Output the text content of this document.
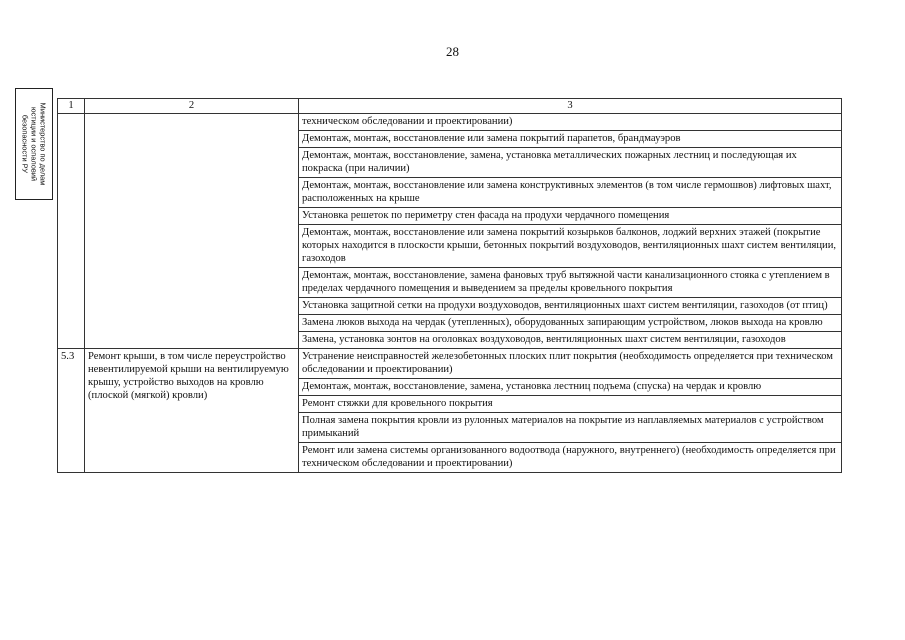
28
Министерство по делам юстиции и оспаловий безопасности РУ
1	2	3
		техническом обследовании и проектировании)
		Демонтаж, монтаж, восстановление или замена покрытий парапетов, брандмауэров
		Демонтаж, монтаж, восстановление, замена, установка металлических пожарных лестниц и последующая их покраска (при наличии)
		Демонтаж, монтаж, восстановление или замена конструктивных элементов (в том числе гермошвов) лифтовых шахт, расположенных на крыше
		Установка решеток по периметру стен фасада на продухи чердачного помещения
		Демонтаж, монтаж, восстановление или замена покрытий козырьков балконов, лоджий верхних этажей (покрытие которых находится в плоскости крыши, бетонных покрытий воздуховодов, вентиляционных шахт систем вентиляции, газоходов
		Демонтаж, монтаж, восстановление, замена фановых труб вытяжной части канализационного стояка с утеплением в пределах чердачного помещения и выведением за пределы кровельного покрытия
		Установка защитной сетки на продухи воздуховодов, вентиляционных шахт систем вентиляции, газоходов (от птиц)
		Замена люков выхода на чердак (утепленных), оборудованных запирающим устройством, люков выхода на кровлю
		Замена, установка зонтов на оголовках воздуховодов, вентиляционных шахт систем вентиляции, газоходов
5.3	Ремонт крыши, в том числе переустройство невентилируемой крыши на вентилируемую крышу, устройство выходов на кровлю (плоской (мягкой) кровли)	Устранение неисправностей железобетонных плоских плит покрытия (необходимость определяется при техническом обследовании и проектировании)
		Демонтаж, монтаж, восстановление, замена, установка лестниц подъема (спуска) на чердак и кровлю
		Ремонт стяжки для кровельного покрытия
		Полная замена покрытия кровли из рулонных материалов на покрытие из наплавляемых материалов с устройством примыканий
		Ремонт или замена системы организованного водоотвода (наружного, внутреннего) (необходимость определяется при техническом обследовании и проектировании)
